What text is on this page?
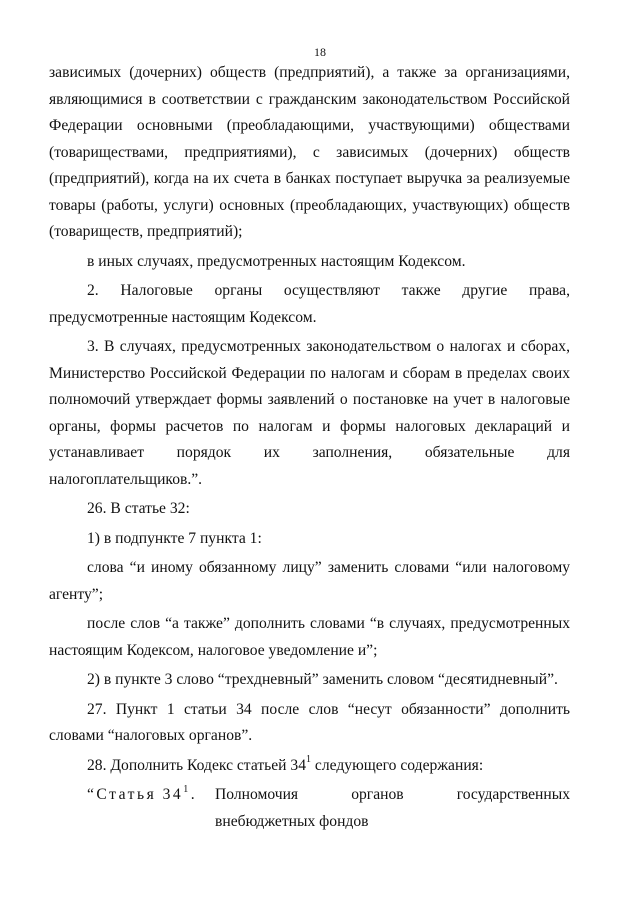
18

зависимых (дочерних) обществ (предприятий), а также за организациями, являющимися в соответствии с гражданским законодательством Российской Федерации основными (преобладающими, участвующими) обществами (товариществами, предприятиями), с зависимых (дочерних) обществ (предприятий), когда на их счета в банках поступает выручка за реализуемые товары (работы, услуги) основных (преобладающих, участвующих) обществ (товариществ, предприятий);

в иных случаях, предусмотренных настоящим Кодексом.

2. Налоговые органы осуществляют также другие права, предусмотренные настоящим Кодексом.

3. В случаях, предусмотренных законодательством о налогах и сборах, Министерство Российской Федерации по налогам и сборам в пределах своих полномочий утверждает формы заявлений о постановке на учет в налоговые органы, формы расчетов по налогам и формы налоговых деклараций и устанавливает порядок их заполнения, обязательные для налогоплательщиков.”.

26. В статье 32:

1) в подпункте 7 пункта 1:

слова “и иному обязанному лицу” заменить словами “или налоговому агенту”;

после слов “а также” дополнить словами “в случаях, предусмотренных настоящим Кодексом, налоговое уведомление и”;

2) в пункте 3 слово “трехдневный” заменить словом “десятидневный”.

27. Пункт 1 статьи 34 после слов “несут обязанности” дополнить словами “налоговых органов”.

28. Дополнить Кодекс статьей $34^1$ следующего содержания:

“Статья $34^1$.	Полномочия органов государственных
внебюджетных фондов
